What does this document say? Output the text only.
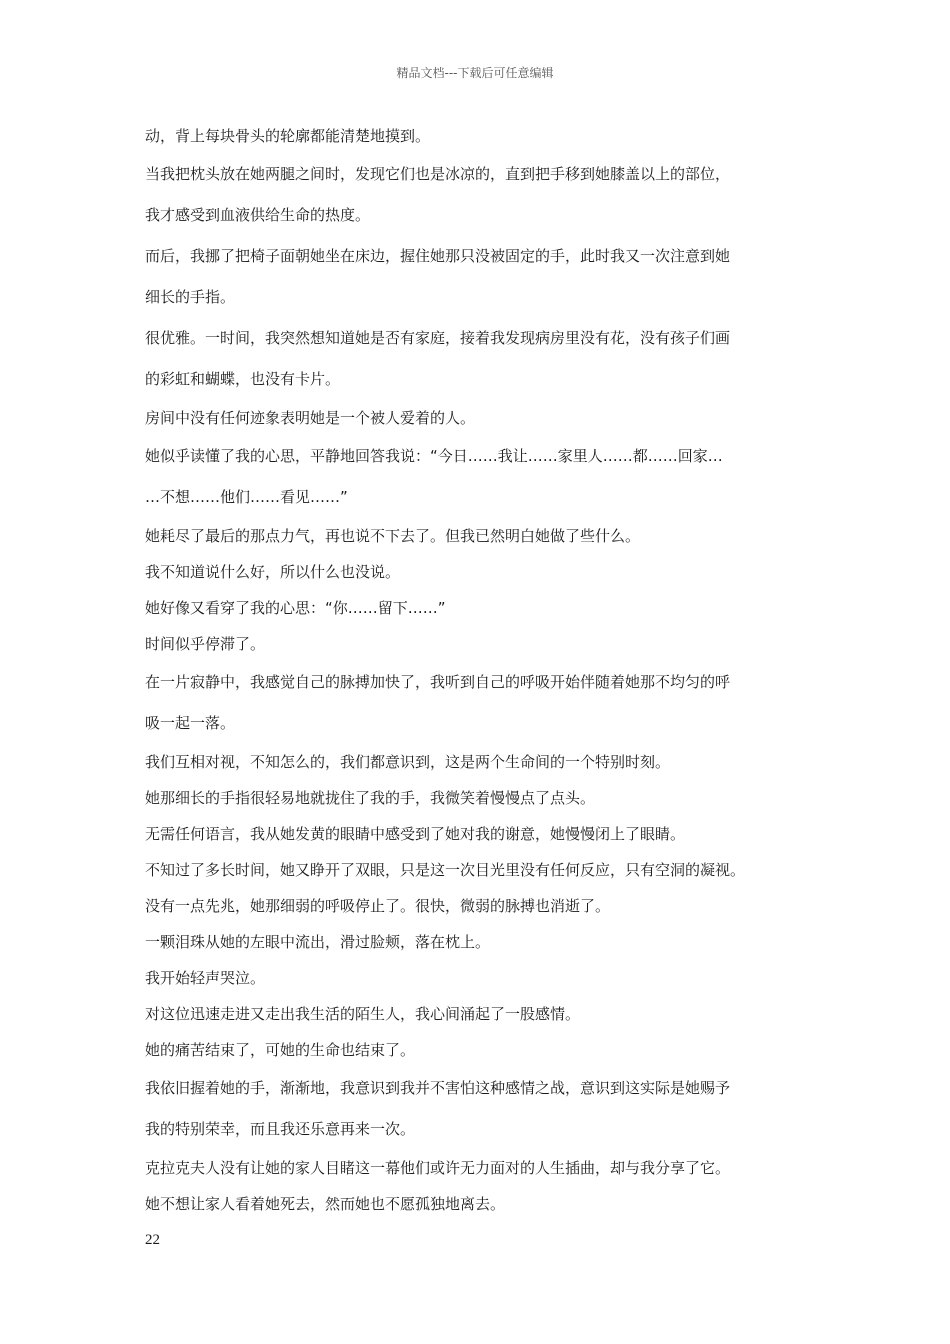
精品文档---下载后可任意编辑
动，背上每块骨头的轮廓都能清楚地摸到。
当我把枕头放在她两腿之间时，发现它们也是冰凉的，直到把手移到她膝盖以上的部位，
我才感受到血液供给生命的热度。
而后，我挪了把椅子面朝她坐在床边，握住她那只没被固定的手，此时我又一次注意到她
细长的手指。
很优雅。一时间，我突然想知道她是否有家庭，接着我发现病房里没有花，没有孩子们画
的彩虹和蝴蝶，也没有卡片。
房间中没有任何迹象表明她是一个被人爱着的人。
她似乎读懂了我的心思，平静地回答我说：“今日……我让……家里人……都……回家…
…不想……他们……看见……”
她耗尽了最后的那点力气，再也说不下去了。但我已然明白她做了些什么。
我不知道说什么好，所以什么也没说。
她好像又看穿了我的心思：“你……留下……”
时间似乎停滞了。
在一片寂静中，我感觉自己的脉搏加快了，我听到自己的呼吸开始伴随着她那不均匀的呼
吸一起一落。
我们互相对视，不知怎么的，我们都意识到，这是两个生命间的一个特别时刻。
她那细长的手指很轻易地就拢住了我的手，我微笑着慢慢点了点头。
无需任何语言，我从她发黄的眼睛中感受到了她对我的谢意，她慢慢闭上了眼睛。
不知过了多长时间，她又睁开了双眼，只是这一次目光里没有任何反应，只有空洞的凝视。
没有一点先兆，她那细弱的呼吸停止了。很快，微弱的脉搏也消逝了。
一颗泪珠从她的左眼中流出，滑过脸颊，落在枕上。
我开始轻声哭泣。
对这位迅速走进又走出我生活的陌生人，我心间涌起了一股感情。
她的痛苦结束了，可她的生命也结束了。
我依旧握着她的手，渐渐地，我意识到我并不害怕这种感情之战，意识到这实际是她赐予
我的特别荣幸，而且我还乐意再来一次。
克拉克夫人没有让她的家人目睹这一幕他们或许无力面对的人生插曲，却与我分享了它。
她不想让家人看着她死去，然而她也不愿孤独地离去。
22
